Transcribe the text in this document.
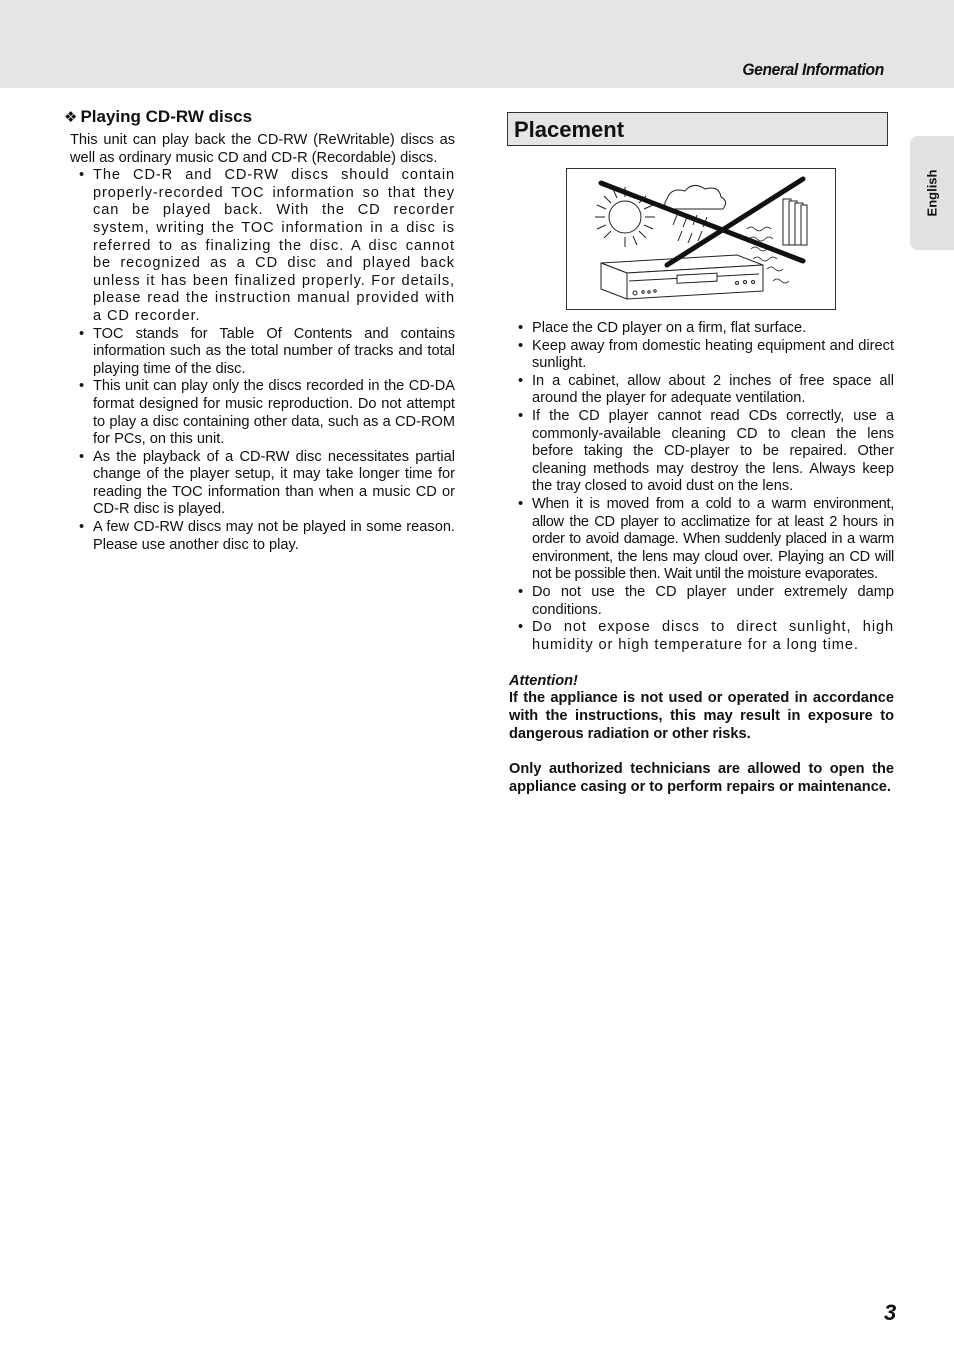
General Information
English
❖ Playing CD-RW discs

This unit can play back the CD-RW (ReWritable) discs as well as ordinary music CD and CD-R (Recordable) discs.

• The CD-R and CD-RW discs should contain properly-recorded TOC information so that they can be played back. With the CD recorder system, writing the TOC information in a disc is referred to as finalizing the disc. A disc cannot be recognized as a CD disc and played back unless it has been finalized properly. For details, please read the instruction manual provided with a CD recorder.
• TOC stands for Table Of Contents and contains information such as the total number of tracks and total playing time of the disc.
• This unit can play only the discs recorded in the CD-DA format designed for music reproduction. Do not attempt to play a disc containing other data, such as a CD-ROM for PCs, on this unit.
• As the playback of a CD-RW disc necessitates partial change of the player setup, it may take longer time for reading the TOC information than when a music CD or CD-R disc is played.
• A few CD-RW discs may not be played in some reason. Please use another disc to play.
Placement
• Place the CD player on a firm, flat surface.
• Keep away from domestic heating equipment and direct sunlight.
• In a cabinet, allow about 2 inches of free space all around the player for adequate ventilation.
• If the CD player cannot read CDs correctly, use a commonly-available cleaning CD to clean the lens before taking the CD-player to be repaired. Other cleaning methods may destroy the lens. Always keep the tray closed to avoid dust on the lens.
• When it is moved from a cold to a warm environment, allow the CD player to acclimatize for at least 2 hours in order to avoid damage. When suddenly placed in a warm environment, the lens may cloud over. Playing an CD will not be possible then. Wait until the moisture evaporates.
• Do not use the CD player under extremely damp conditions.
• Do not expose discs to direct sunlight, high humidity or high temperature for a long time.
Attention!

If the appliance is not used or operated in accordance with the instructions, this may result in exposure to dangerous radiation or other risks.

Only authorized technicians are allowed to open the appliance casing or to perform repairs or maintenance.

3
